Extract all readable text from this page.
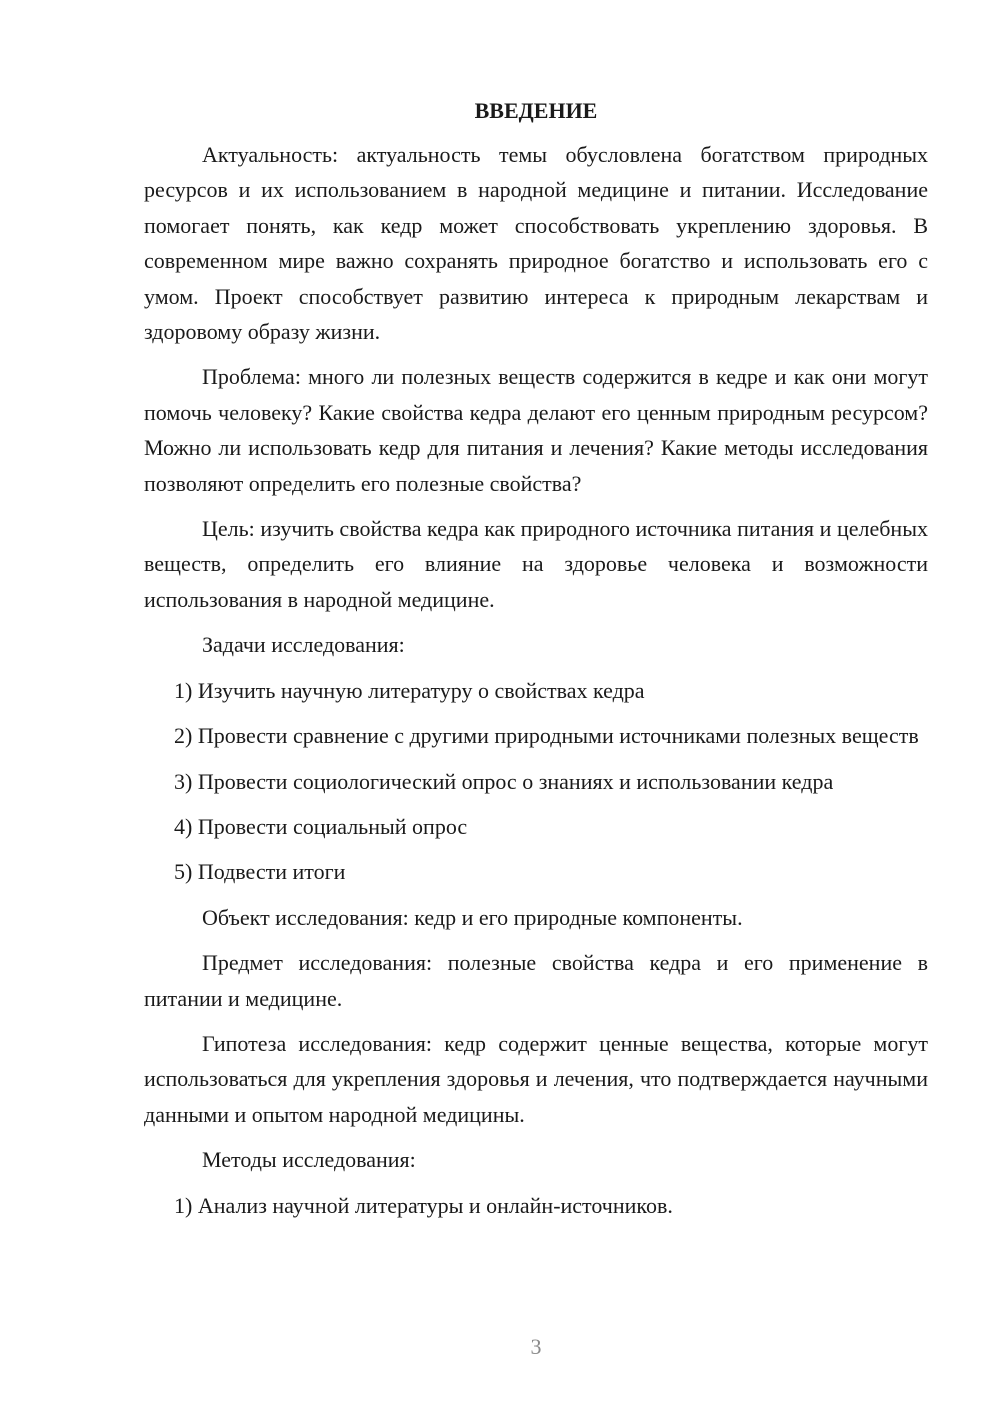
ВВЕДЕНИЕ

Актуальность: актуальность темы обусловлена богатством природных ресурсов и их использованием в народной медицине и питании. Исследование помогает понять, как кедр может способствовать укреплению здоровья. В современном мире важно сохранять природное богатство и использовать его с умом. Проект способствует развитию интереса к природным лекарствам и здоровому образу жизни.

Проблема: много ли полезных веществ содержится в кедре и как они могут помочь человеку? Какие свойства кедра делают его ценным природным ресурсом? Можно ли использовать кедр для питания и лечения? Какие методы исследования позволяют определить его полезные свойства?

Цель: изучить свойства кедра как природного источника питания и целебных веществ, определить его влияние на здоровье человека и возможности использования в народной медицине.

Задачи исследования:

1) Изучить научную литературу о свойствах кедра

2) Провести сравнение с другими природными источниками полезных веществ

3) Провести социологический опрос о знаниях и использовании кедра

4) Провести социальный опрос

5) Подвести итоги

Объект исследования: кедр и его природные компоненты.

Предмет исследования: полезные свойства кедра и его применение в питании и медицине.

Гипотеза исследования: кедр содержит ценные вещества, которые могут использоваться для укрепления здоровья и лечения, что подтверждается научными данными и опытом народной медицины.

Методы исследования:

1) Анализ научной литературы и онлайн-источников.

3
